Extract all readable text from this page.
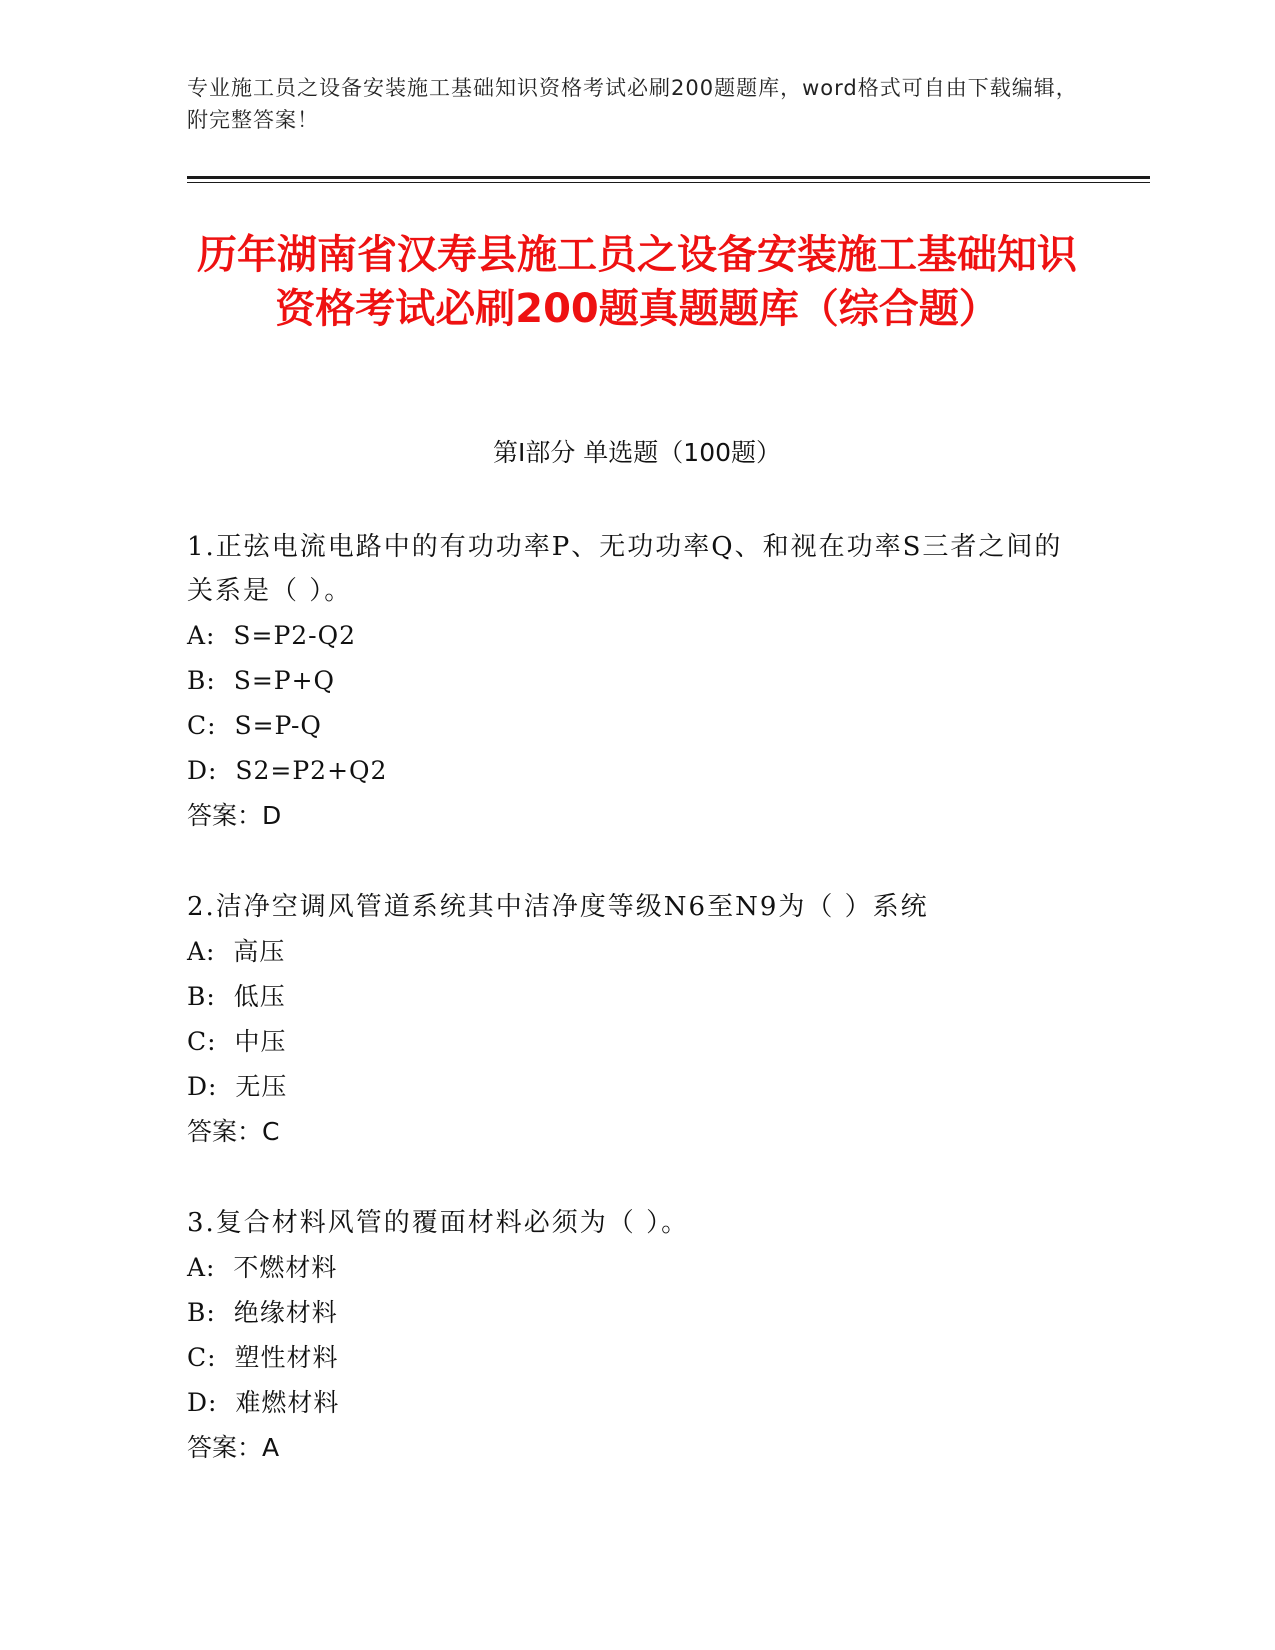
专业施工员之设备安装施工基础知识资格考试必刷200题题库，word格式可自由下载编辑，附完整答案！
历年湖南省汉寿县施工员之设备安装施工基础知识资格考试必刷200题真题题库（综合题）
第I部分 单选题（100题）
1.正弦电流电路中的有功功率P、无功功率Q、和视在功率S三者之间的关系是（ ）。
A:  S=P2-Q2
B:  S=P+Q
C:  S=P-Q
D:  S2=P2+Q2
答案：D
2.洁净空调风管道系统其中洁净度等级N6至N9为（ ）系统
A:  高压
B:  低压
C:  中压
D:  无压
答案：C
3.复合材料风管的覆面材料必须为（ ）。
A:  不燃材料
B:  绝缘材料
C:  塑性材料
D:  难燃材料
答案：A
